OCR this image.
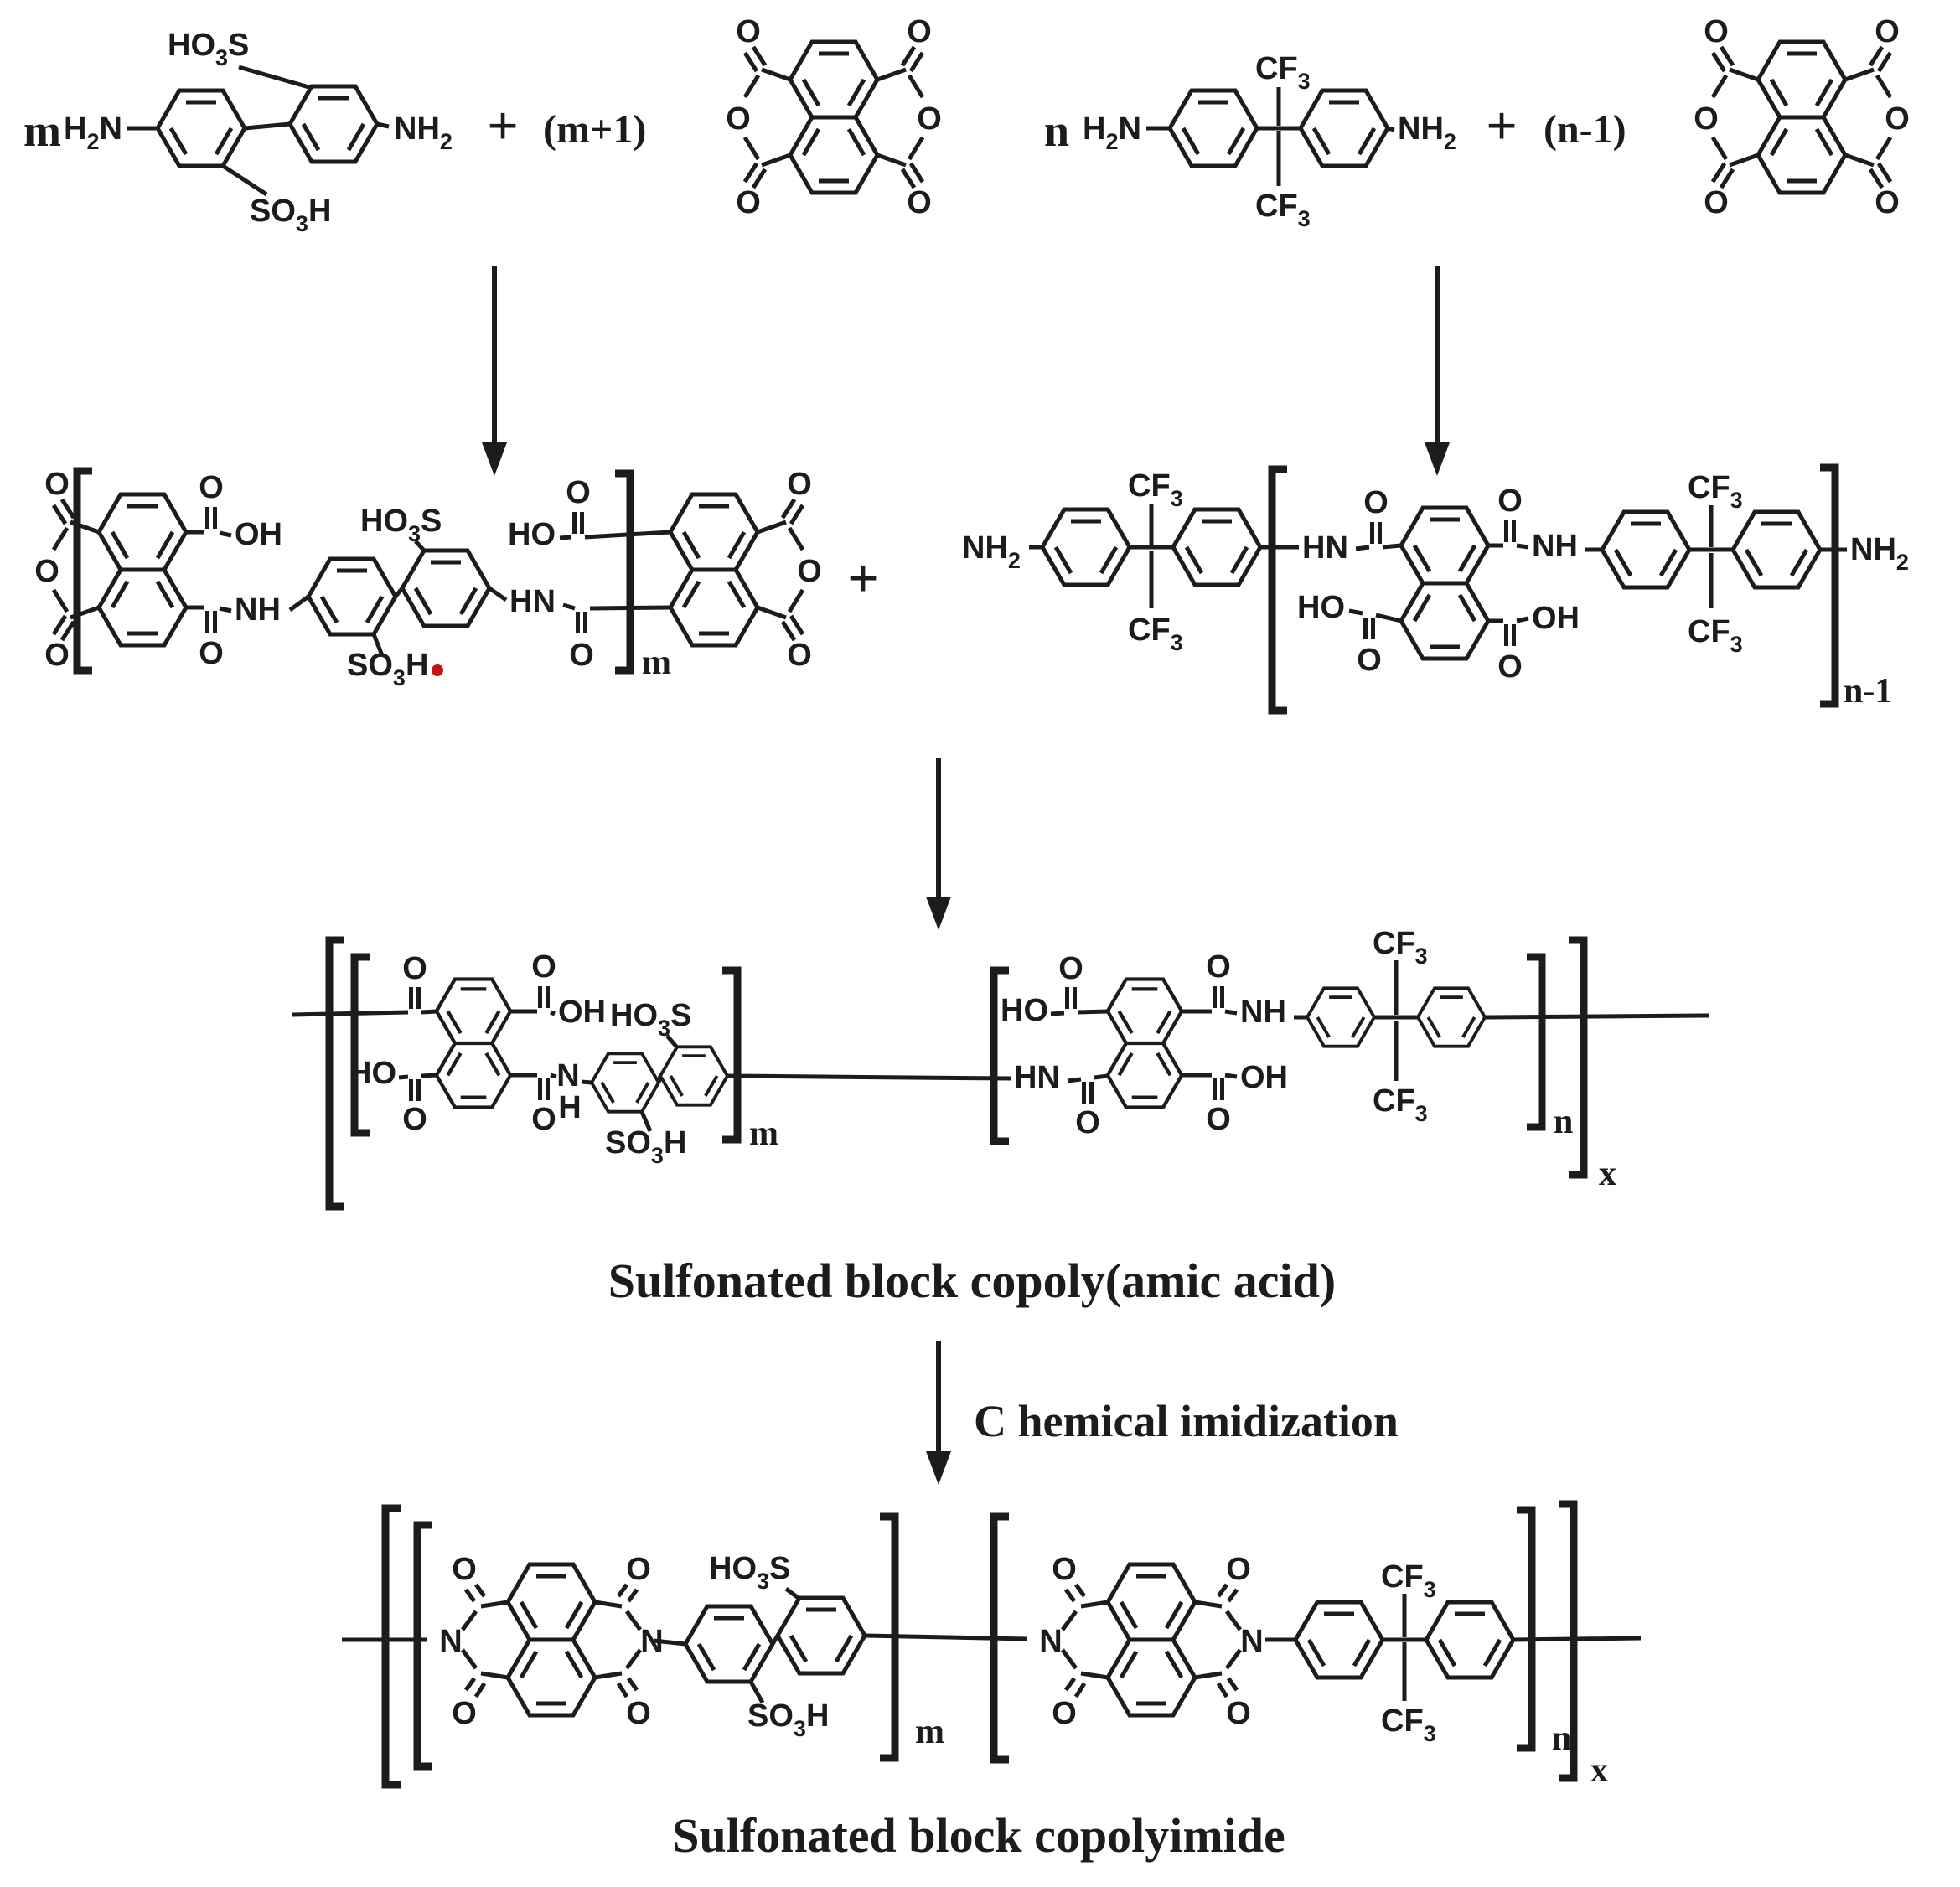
m $H_2N$
$HO_3S$
$SO_3H$
$NH_2 + (m+1)$
O
O
O
O
O
O
n $H_2N$
$CF_3$
$CF_3$
$NH_2 + (n-1)$
O
O
O
O
O
O
O
O
O
O
OH
O
NH
$HO_3S$
$SO_3H$
HO
O
HN
O m
O
O
O
+	$NH_2$
$CF_3$
$CF_3$
HN
O
HO
O
O
NH
O
OH
$CF_3$
$CF_3$
n-1
$NH_2$
O	O
OH
HO
O	O
N
H
$HO_3S$
$SO_3H$ m
HN
O
HO
O	O
NH
O
OH
$CF_3$
$CF_3$	n
x
Sulfonated block copoly(amic acid)
C hemical imidization
N	N
O
O
O
O
$HO_3S$
$SO_3H$ m
N	N
O
O
O
O
$CF_3$
$CF_3$	n
x
Sulfonated block copolyimide
